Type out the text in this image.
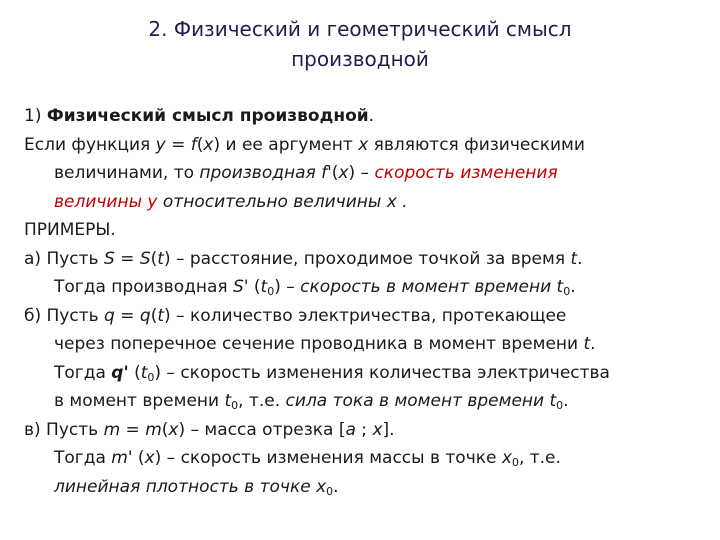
2. Физический и геометрический смысл
производной
1) Физический смысл производной.
Если функция y = f(x) и ее аргумент x являются физическими
величинами, то производная f'(x) – скорость изменения
величины y относительно величины x .
ПРИМЕРЫ.
а) Пусть S = S(t) – расстояние, проходимое точкой за время t.
Тогда производная S' $(t_0)$ – скорость в момент времени $t_0$.
б) Пусть q = q(t) – количество электричества, протекающее
через поперечное сечение проводника в момент времени t.
Тогда q' $(t_0)$ – скорость изменения количества электричества
в момент времени $t_0$, т.е. сила тока в момент времени $t_0$.
в) Пусть m = m(x) – масса отрезка [a ; x].
Тогда m' (x) – скорость изменения массы в точке $x_0$, т.е.
линейная плотность в точке $x_0$.
